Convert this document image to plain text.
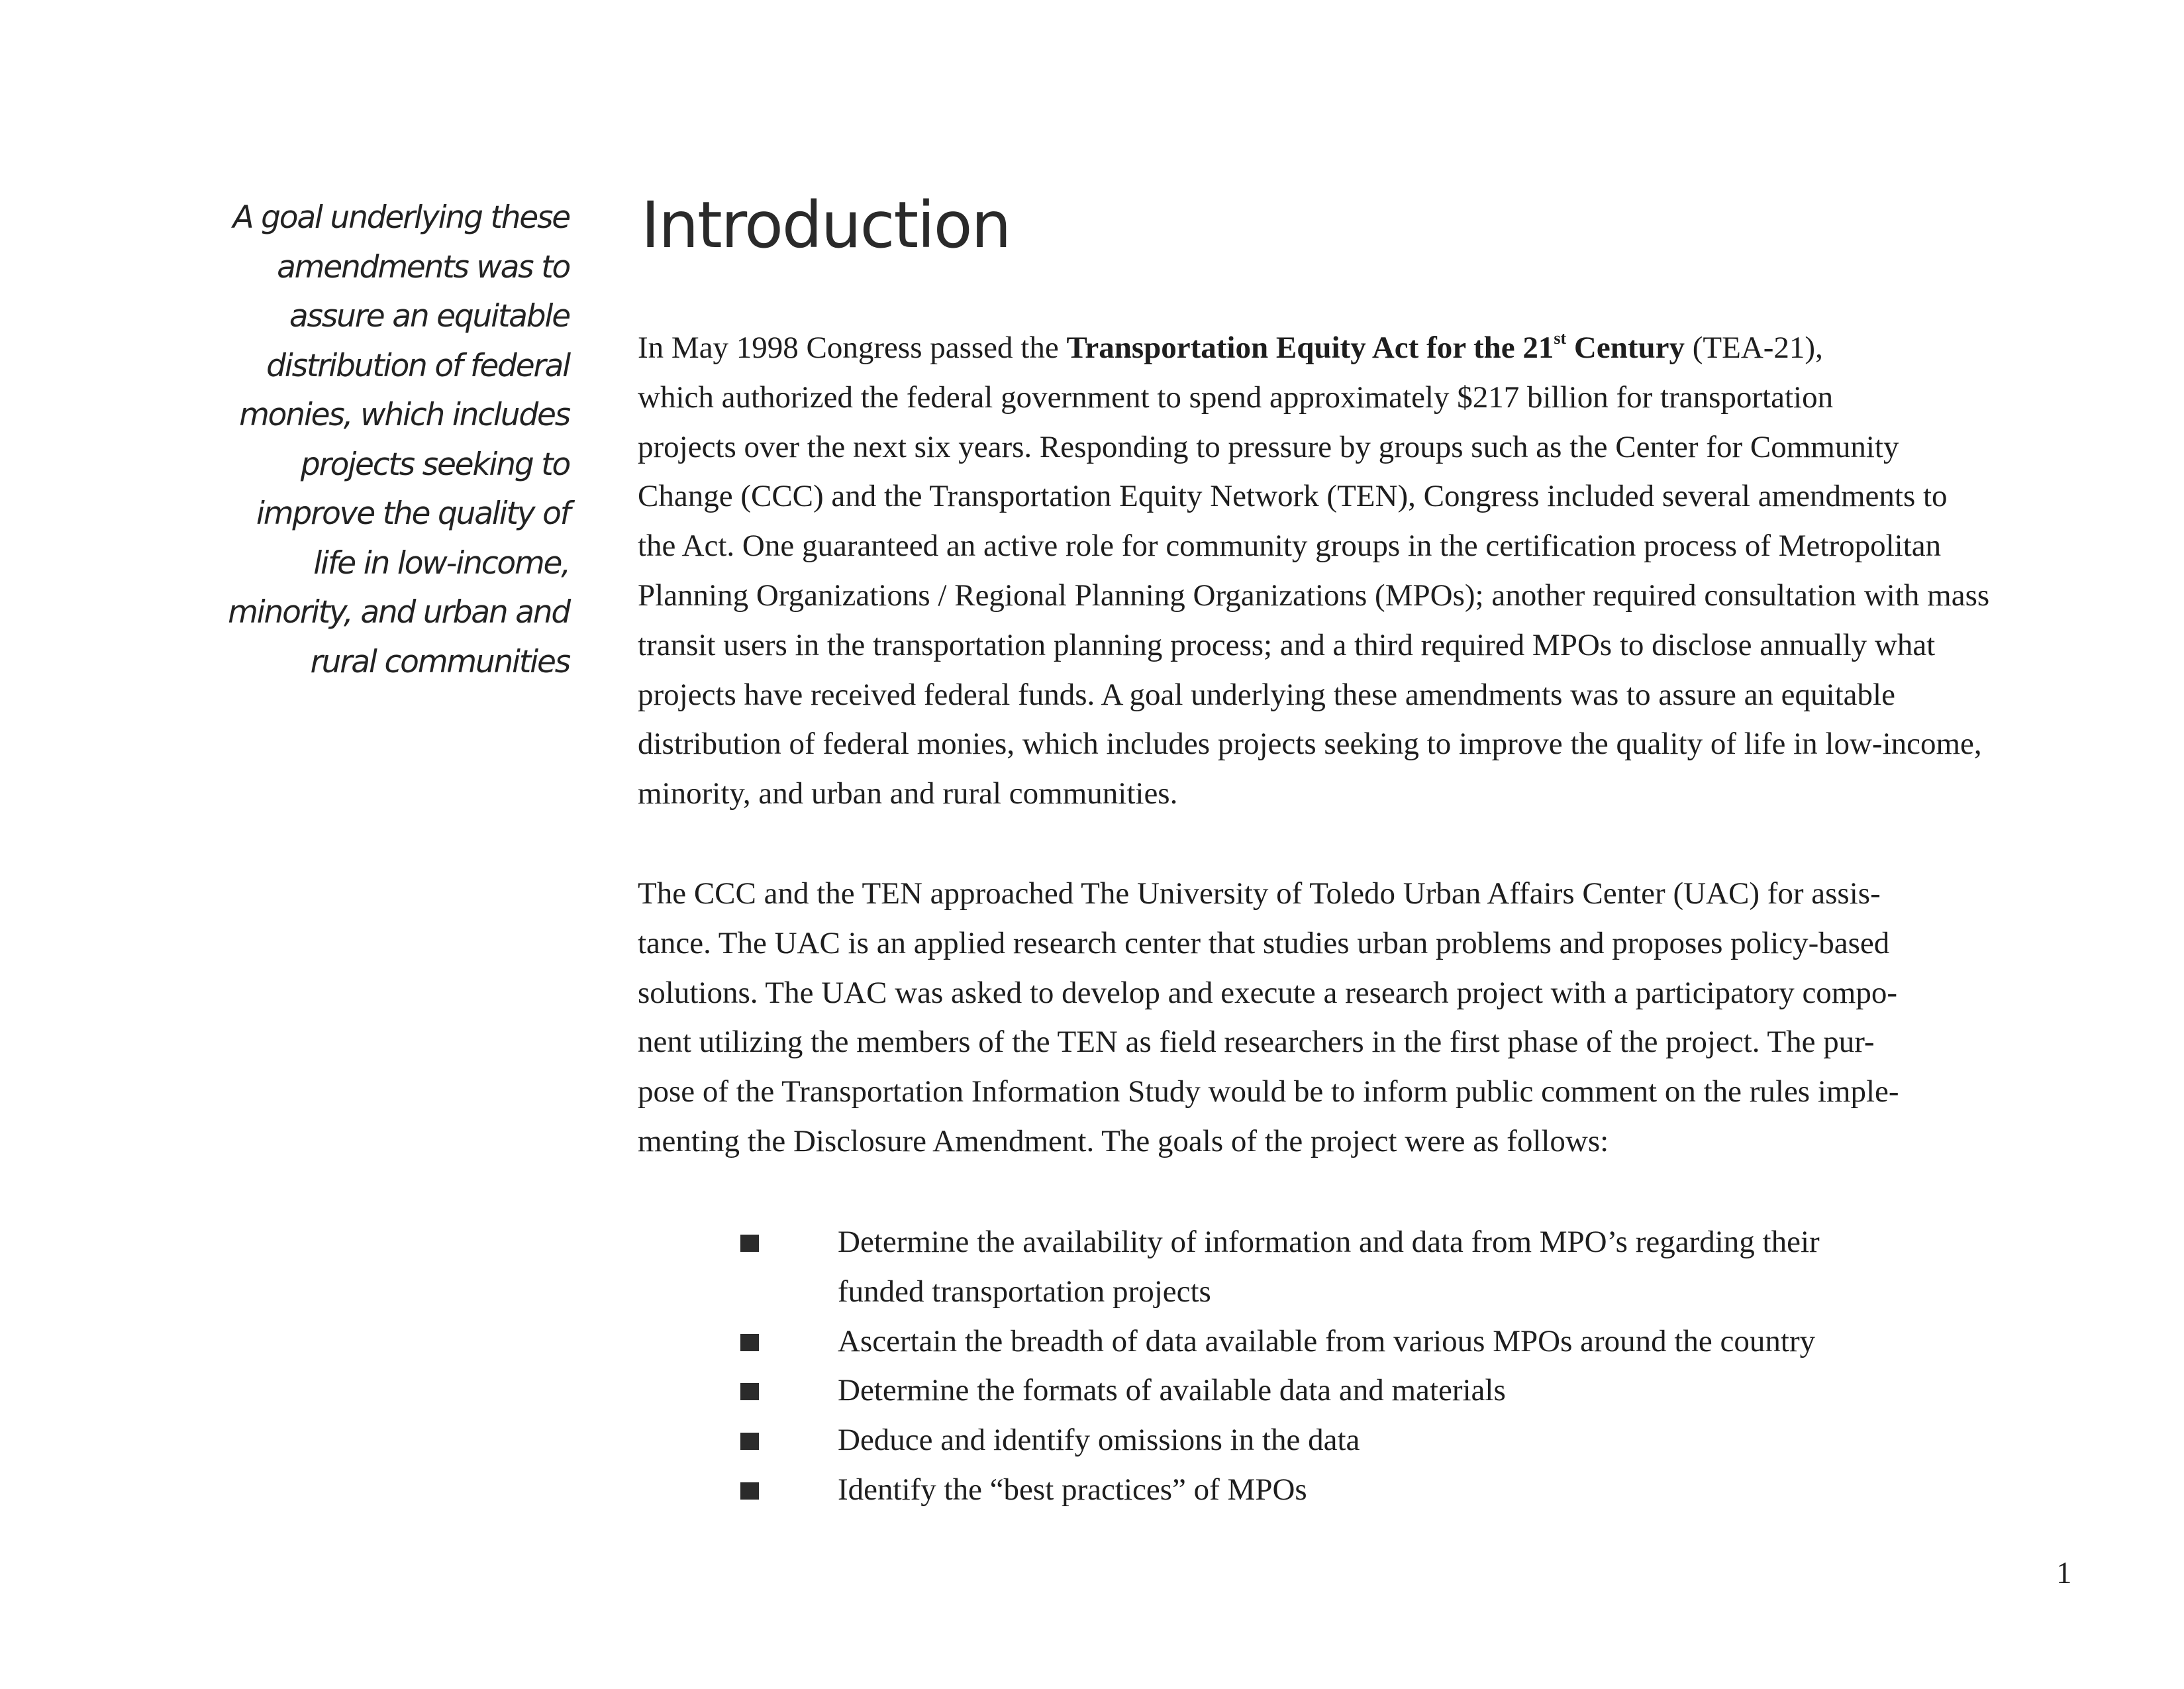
A goal underlying these
amendments was to
assure an equitable
distribution of federal
monies, which includes
projects seeking to
improve the quality of
life in low-income,
minority, and urban and
rural communities
Introduction
In May 1998 Congress passed the Transportation Equity Act for the 21st Century (TEA-21),
which authorized the federal government to spend approximately $217 billion for transportation
projects over the next six years. Responding to pressure by groups such as the Center for Community
Change (CCC) and the Transportation Equity Network (TEN), Congress included several amendments to
the Act. One guaranteed an active role for community groups in the certification process of Metropolitan
Planning Organizations / Regional Planning Organizations (MPOs); another required consultation with mass
transit users in the transportation planning process; and a third required MPOs to disclose annually what
projects have received federal funds. A goal underlying these amendments was to assure an equitable
distribution of federal monies, which includes projects seeking to improve the quality of life in low-income,
minority, and urban and rural communities.
The CCC and the TEN approached The University of Toledo Urban Affairs Center (UAC) for assis-
tance. The UAC is an applied research center that studies urban problems and proposes policy-based
solutions. The UAC was asked to develop and execute a research project with a participatory compo-
nent utilizing the members of the TEN as field researchers in the first phase of the project. The pur-
pose of the Transportation Information Study would be to inform public comment on the rules imple-
menting the Disclosure Amendment. The goals of the project were as follows:
Determine the availability of information and data from MPO’s regarding their
funded transportation projects
Ascertain the breadth of data available from various MPOs around the country
Determine the formats of available data and materials
Deduce and identify omissions in the data
Identify the “best practices” of MPOs
1
